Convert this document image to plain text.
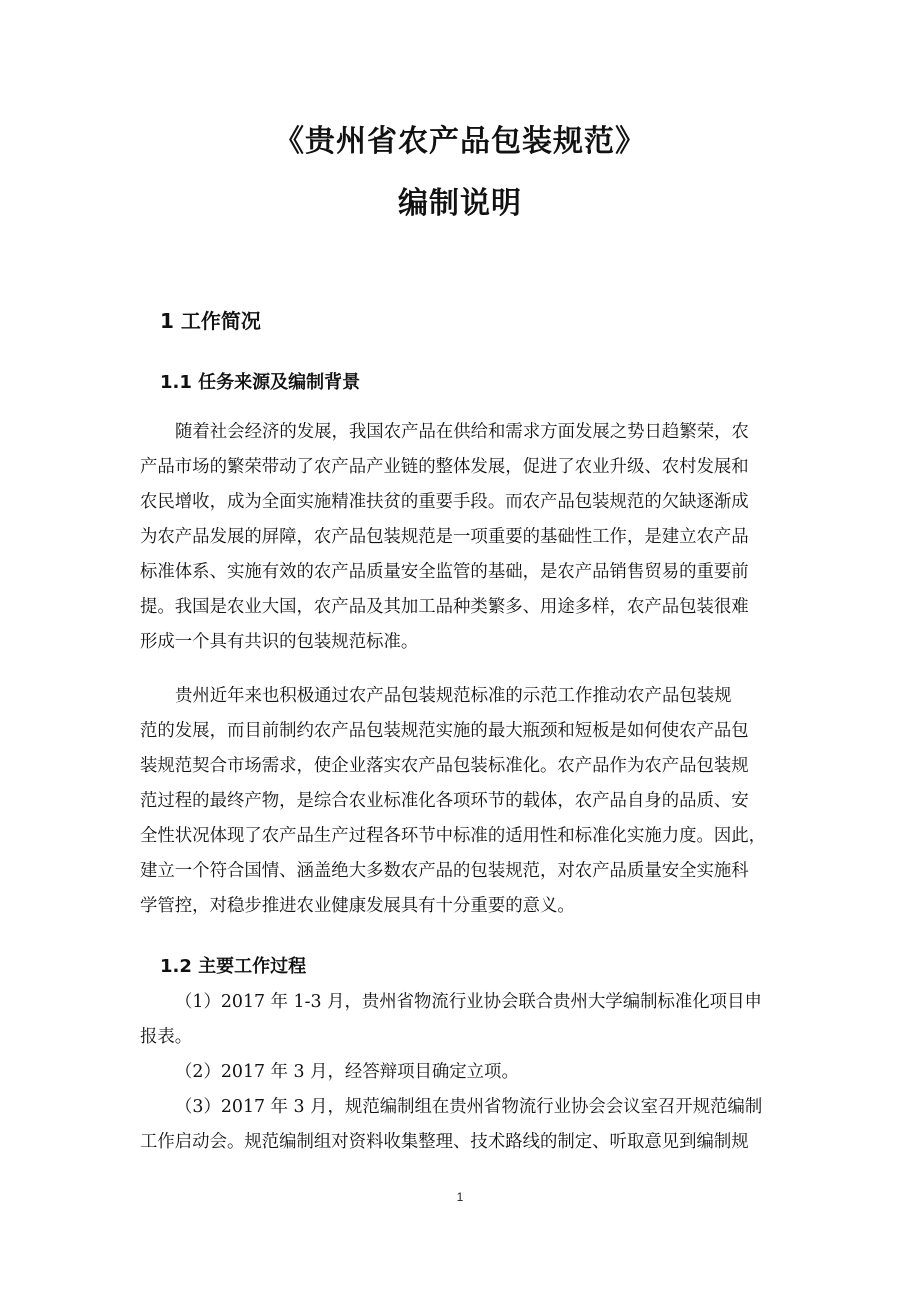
《贵州省农产品包装规范》
编制说明
1 工作简况
1.1 任务来源及编制背景
随着社会经济的发展，我国农产品在供给和需求方面发展之势日趋繁荣，农
产品市场的繁荣带动了农产品产业链的整体发展，促进了农业升级、农村发展和
农民增收，成为全面实施精准扶贫的重要手段。而农产品包装规范的欠缺逐渐成
为农产品发展的屏障，农产品包装规范是一项重要的基础性工作，是建立农产品
标准体系、实施有效的农产品质量安全监管的基础，是农产品销售贸易的重要前
提。我国是农业大国，农产品及其加工品种类繁多、用途多样，农产品包装很难
形成一个具有共识的包装规范标准。
贵州近年来也积极通过农产品包装规范标准的示范工作推动农产品包装规
范的发展，而目前制约农产品包装规范实施的最大瓶颈和短板是如何使农产品包
装规范契合市场需求，使企业落实农产品包装标准化。农产品作为农产品包装规
范过程的最终产物，是综合农业标准化各项环节的载体，农产品自身的品质、安
全性状况体现了农产品生产过程各环节中标准的适用性和标准化实施力度。因此，
建立一个符合国情、涵盖绝大多数农产品的包装规范，对农产品质量安全实施科
学管控，对稳步推进农业健康发展具有十分重要的意义。
1.2 主要工作过程
（1）2017 年 1-3 月，贵州省物流行业协会联合贵州大学编制标准化项目申
报表。
（2）2017 年 3 月，经答辩项目确定立项。
（3）2017 年 3 月，规范编制组在贵州省物流行业协会会议室召开规范编制
工作启动会。规范编制组对资料收集整理、技术路线的制定、听取意见到编制规
1
